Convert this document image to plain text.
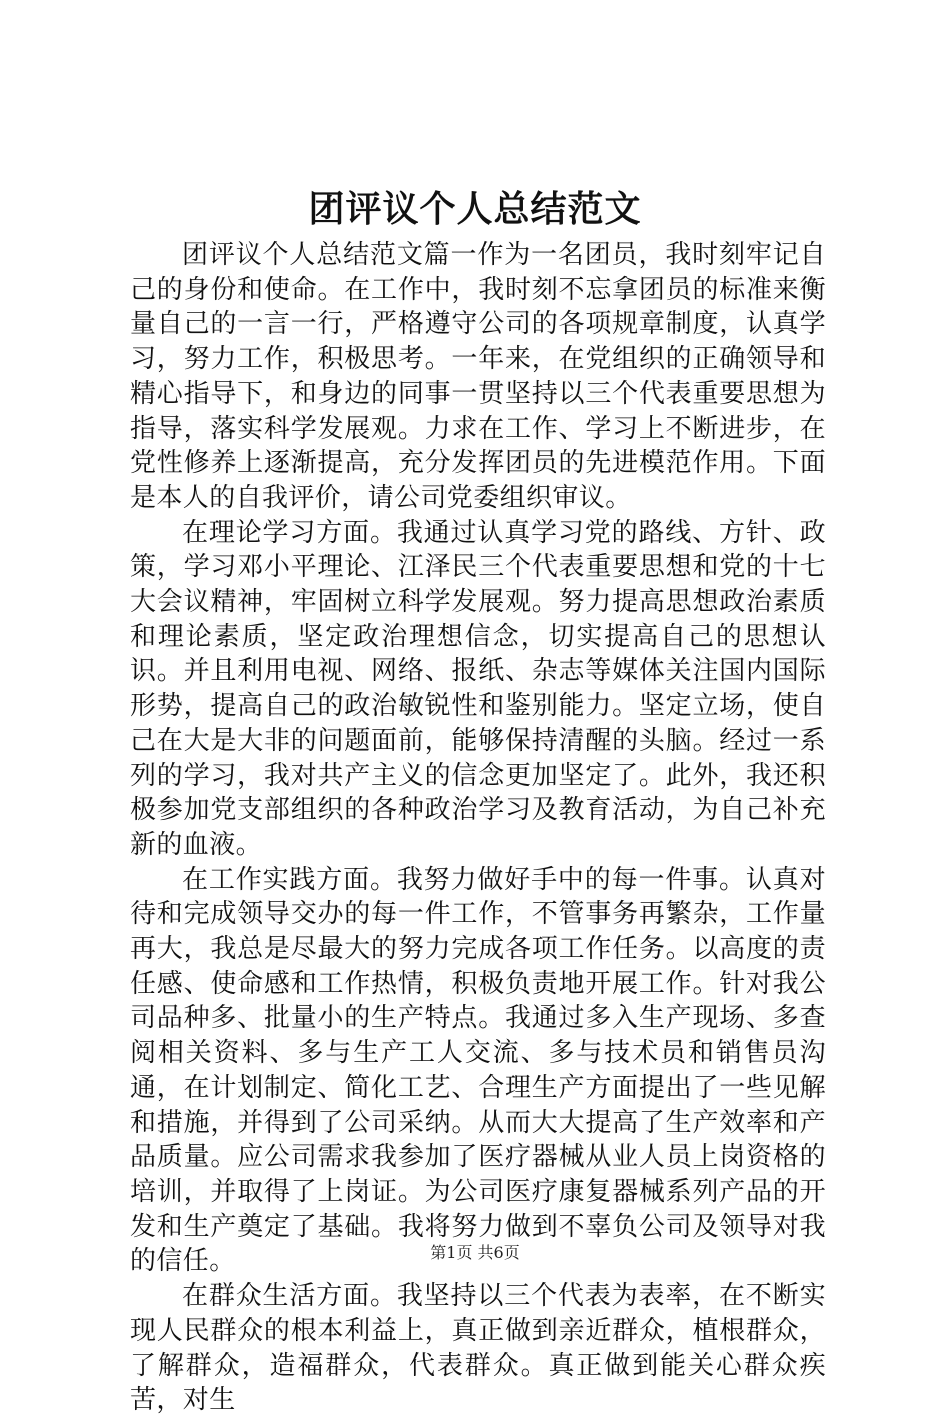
团评议个人总结范文

团评议个人总结范文篇一作为一名团员，我时刻牢记自己的身份和使命。在工作中，我时刻不忘拿团员的标准来衡量自己的一言一行，严格遵守公司的各项规章制度，认真学习，努力工作，积极思考。一年来，在党组织的正确领导和精心指导下，和身边的同事一贯坚持以三个代表重要思想为指导，落实科学发展观。力求在工作、学习上不断进步，在党性修养上逐渐提高，充分发挥团员的先进模范作用。下面是本人的自我评价，请公司党委组织审议。

在理论学习方面。我通过认真学习党的路线、方针、政策，学习邓小平理论、江泽民三个代表重要思想和党的十七大会议精神，牢固树立科学发展观。努力提高思想政治素质和理论素质，坚定政治理想信念，切实提高自己的思想认识。并且利用电视、网络、报纸、杂志等媒体关注国内国际形势，提高自己的政治敏锐性和鉴别能力。坚定立场，使自己在大是大非的问题面前，能够保持清醒的头脑。经过一系列的学习，我对共产主义的信念更加坚定了。此外，我还积极参加党支部组织的各种政治学习及教育活动，为自己补充新的血液。

在工作实践方面。我努力做好手中的每一件事。认真对待和完成领导交办的每一件工作，不管事务再繁杂，工作量再大，我总是尽最大的努力完成各项工作任务。以高度的责任感、使命感和工作热情，积极负责地开展工作。针对我公司品种多、批量小的生产特点。我通过多入生产现场、多查阅相关资料、多与生产工人交流、多与技术员和销售员沟通，在计划制定、简化工艺、合理生产方面提出了一些见解和措施，并得到了公司采纳。从而大大提高了生产效率和产品质量。应公司需求我参加了医疗器械从业人员上岗资格的培训，并取得了上岗证。为公司医疗康复器械系列产品的开发和生产奠定了基础。我将努力做到不辜负公司及领导对我的信任。

在群众生活方面。我坚持以三个代表为表率，在不断实现人民群众的根本利益上，真正做到亲近群众，植根群众，了解群众，造福群众，代表群众。真正做到能关心群众疾苦，对生

第1页 共6页
